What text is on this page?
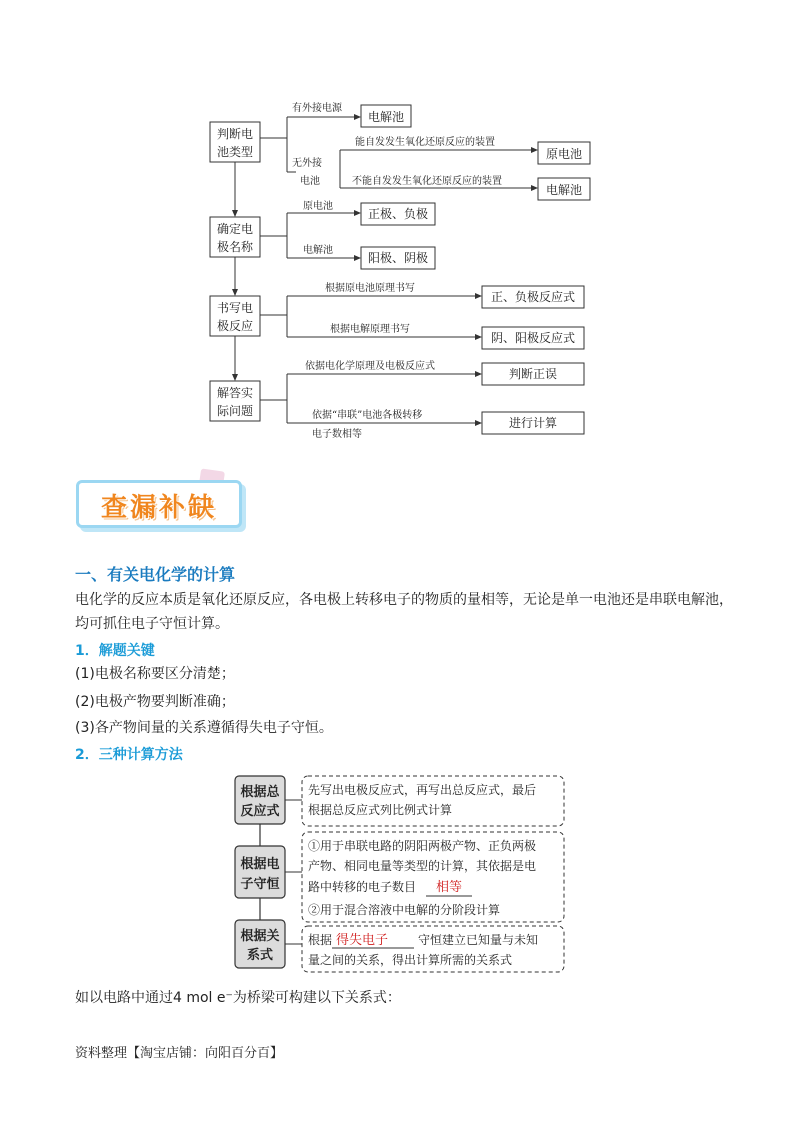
判断电
池类型
电解池
原电池
电解池
确定电
极名称
正极、负极
阳极、阴极
书写电
极反应
正、负极反应式
阴、阳极反应式
解答实
际问题
判断正误
进行计算
有外接电源
无外接
电池
能自发发生氧化还原反应的装置
不能自发发生氧化还原反应的装置
原电池
电解池
根据原电池原理书写
根据电解原理书写
依据电化学原理及电极反应式
依据“串联”电池各极转移
电子数相等
查漏补缺
一、有关电化学的计算
电化学的反应本质是氧化还原反应，各电极上转移电子的物质的量相等，无论是单一电池还是串联电解池，
均可抓住电子守恒计算。
1．解题关键
(1)电极名称要区分清楚；
(2)电极产物要判断准确；
(3)各产物间量的关系遵循得失电子守恒。
2．三种计算方法
根据总
反应式
根据电
子守恒
根据关
系式
先写出电极反应式，再写出总反应式，最后
根据总反应式列比例式计算
①用于串联电路的阴阳两极产物、正负两极
产物、相同电量等类型的计算，其依据是电
路中转移的电子数目
②用于混合溶液中电解的分阶段计算
根据	守恒建立已知量与未知
量之间的关系，得出计算所需的关系式
相等
得失电子
如以电路中通过4 mol e⁻为桥梁可构建以下关系式：
资料整理【淘宝店铺：向阳百分百】
